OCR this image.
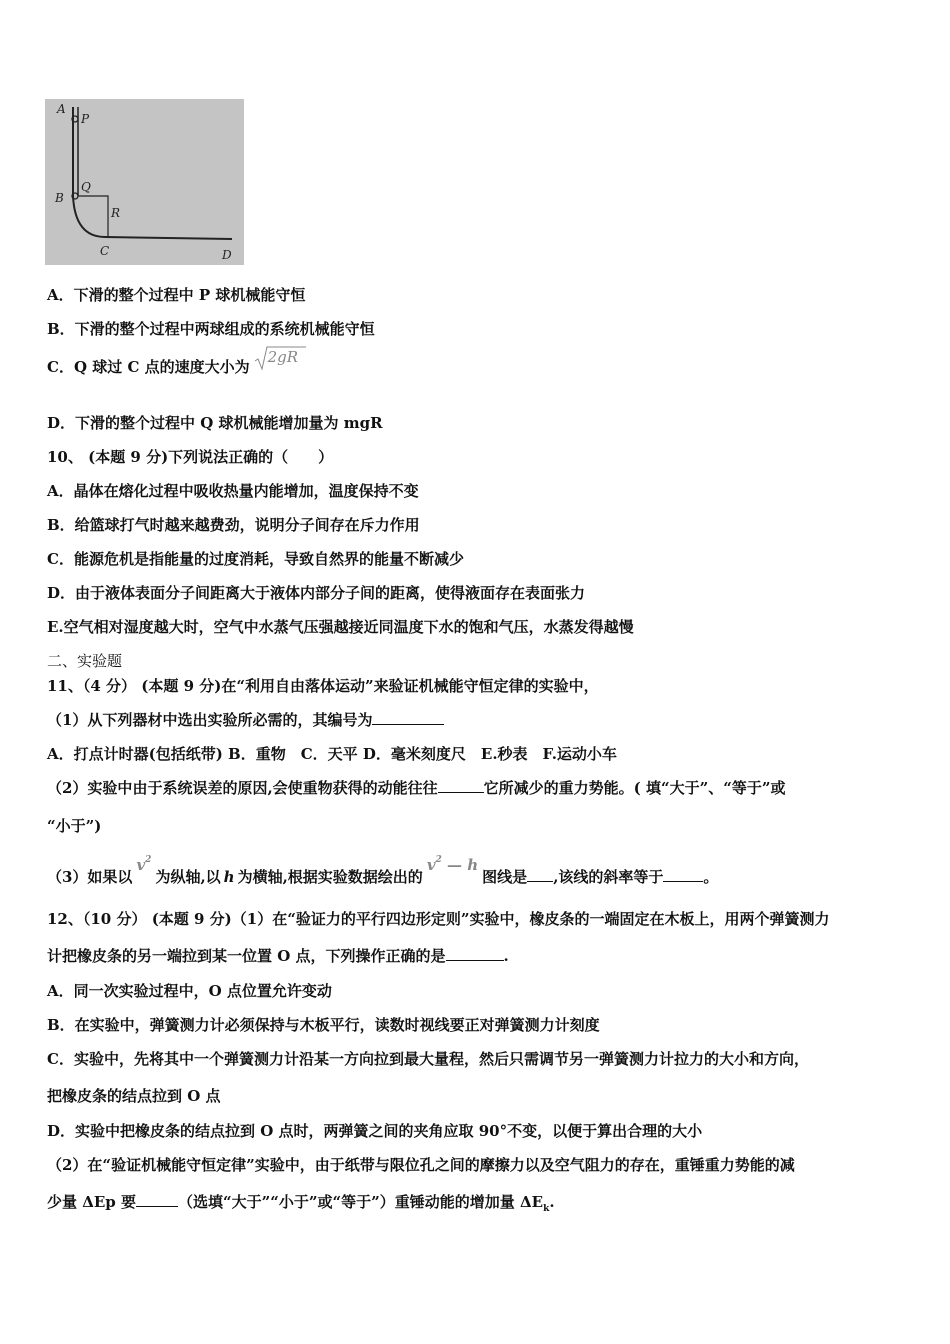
A
P
B
Q
R
C	D
A．下滑的整个过程中 P 球机械能守恒
B．下滑的整个过程中两球组成的系统机械能守恒
C．Q 球过 C 点的速度大小为
2gR
D．下滑的整个过程中 Q 球机械能增加量为 mgR
10、 (本题 9 分)下列说法正确的（　　）
A．晶体在熔化过程中吸收热量内能增加，温度保持不变
B．给篮球打气时越来越费劲，说明分子间存在斥力作用
C．能源危机是指能量的过度消耗，导致自然界的能量不断减少
D．由于液体表面分子间距离大于液体内部分子间的距离，使得液面存在表面张力
E.空气相对湿度越大时，空气中水蒸气压强越接近同温度下水的饱和气压，水蒸发得越慢
二、实验题
11、（4 分） (本题 9 分)在“利用自由落体运动”来验证机械能守恒定律的实验中，
（1）从下列器材中选出实验所必需的，其编号为
A．打点计时器(包括纸带) B．重物　C．天平 D．毫米刻度尺　E.秒表　F.运动小车
（2）实验中由于系统误差的原因,会使重物获得的动能往往	它所减少的重力势能。( 填“大于”、“等于”或
“小于”)
（3）如果以$v^2$为纵轴,以 h 为横轴,根据实验数据绘出的$v^2$ — h图线是 ,该线的斜率等于	。
12、（10 分） (本题 9 分)（1）在“验证力的平行四边形定则”实验中，橡皮条的一端固定在木板上，用两个弹簧测力
计把橡皮条的另一端拉到某一位置 O 点，下列操作正确的是	.
A．同一次实验过程中，O 点位置允许变动
B．在实验中，弹簧测力计必须保持与木板平行，读数时视线要正对弹簧测力计刻度
C．实验中，先将其中一个弹簧测力计沿某一方向拉到最大量程，然后只需调节另一弹簧测力计拉力的大小和方向，
把橡皮条的结点拉到 O 点
D．实验中把橡皮条的结点拉到 O 点时，两弹簧之间的夹角应取 90°不变，以便于算出合理的大小
（2）在“验证机械能守恒定律”实验中，由于纸带与限位孔之间的摩擦力以及空气阻力的存在，重锤重力势能的减
少量 ΔEp 要	（选填“大于”“小于”或“等于”）重锤动能的增加量 $\Delta E_k$.
